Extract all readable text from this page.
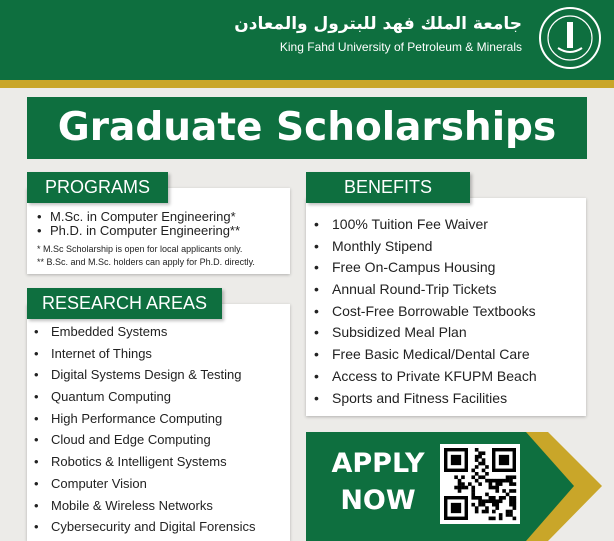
جامعة الملك فهد للبترول والمعادن
King Fahd University of Petroleum & Minerals
Graduate Scholarships
PROGRAMS
• M.Sc. in Computer Engineering*
• Ph.D. in Computer Engineering**
* M.Sc Scholarship is open for local applicants only.
** B.Sc. and M.Sc. holders can apply for Ph.D. directly.
RESEARCH AREAS
• Embedded Systems
• Internet of Things
• Digital Systems Design & Testing
• Quantum Computing
• High Performance Computing
• Cloud and Edge Computing
• Robotics & Intelligent Systems
• Computer Vision
• Mobile & Wireless Networks
• Cybersecurity and Digital Forensics
BENEFITS
• 100% Tuition Fee Waiver
• Monthly Stipend
• Free On-Campus Housing
• Annual Round-Trip Tickets
• Cost-Free Borrowable Textbooks
• Subsidized Meal Plan
• Free Basic Medical/Dental Care
• Access to Private KFUPM Beach
• Sports and Fitness Facilities
APPLY
NOW
